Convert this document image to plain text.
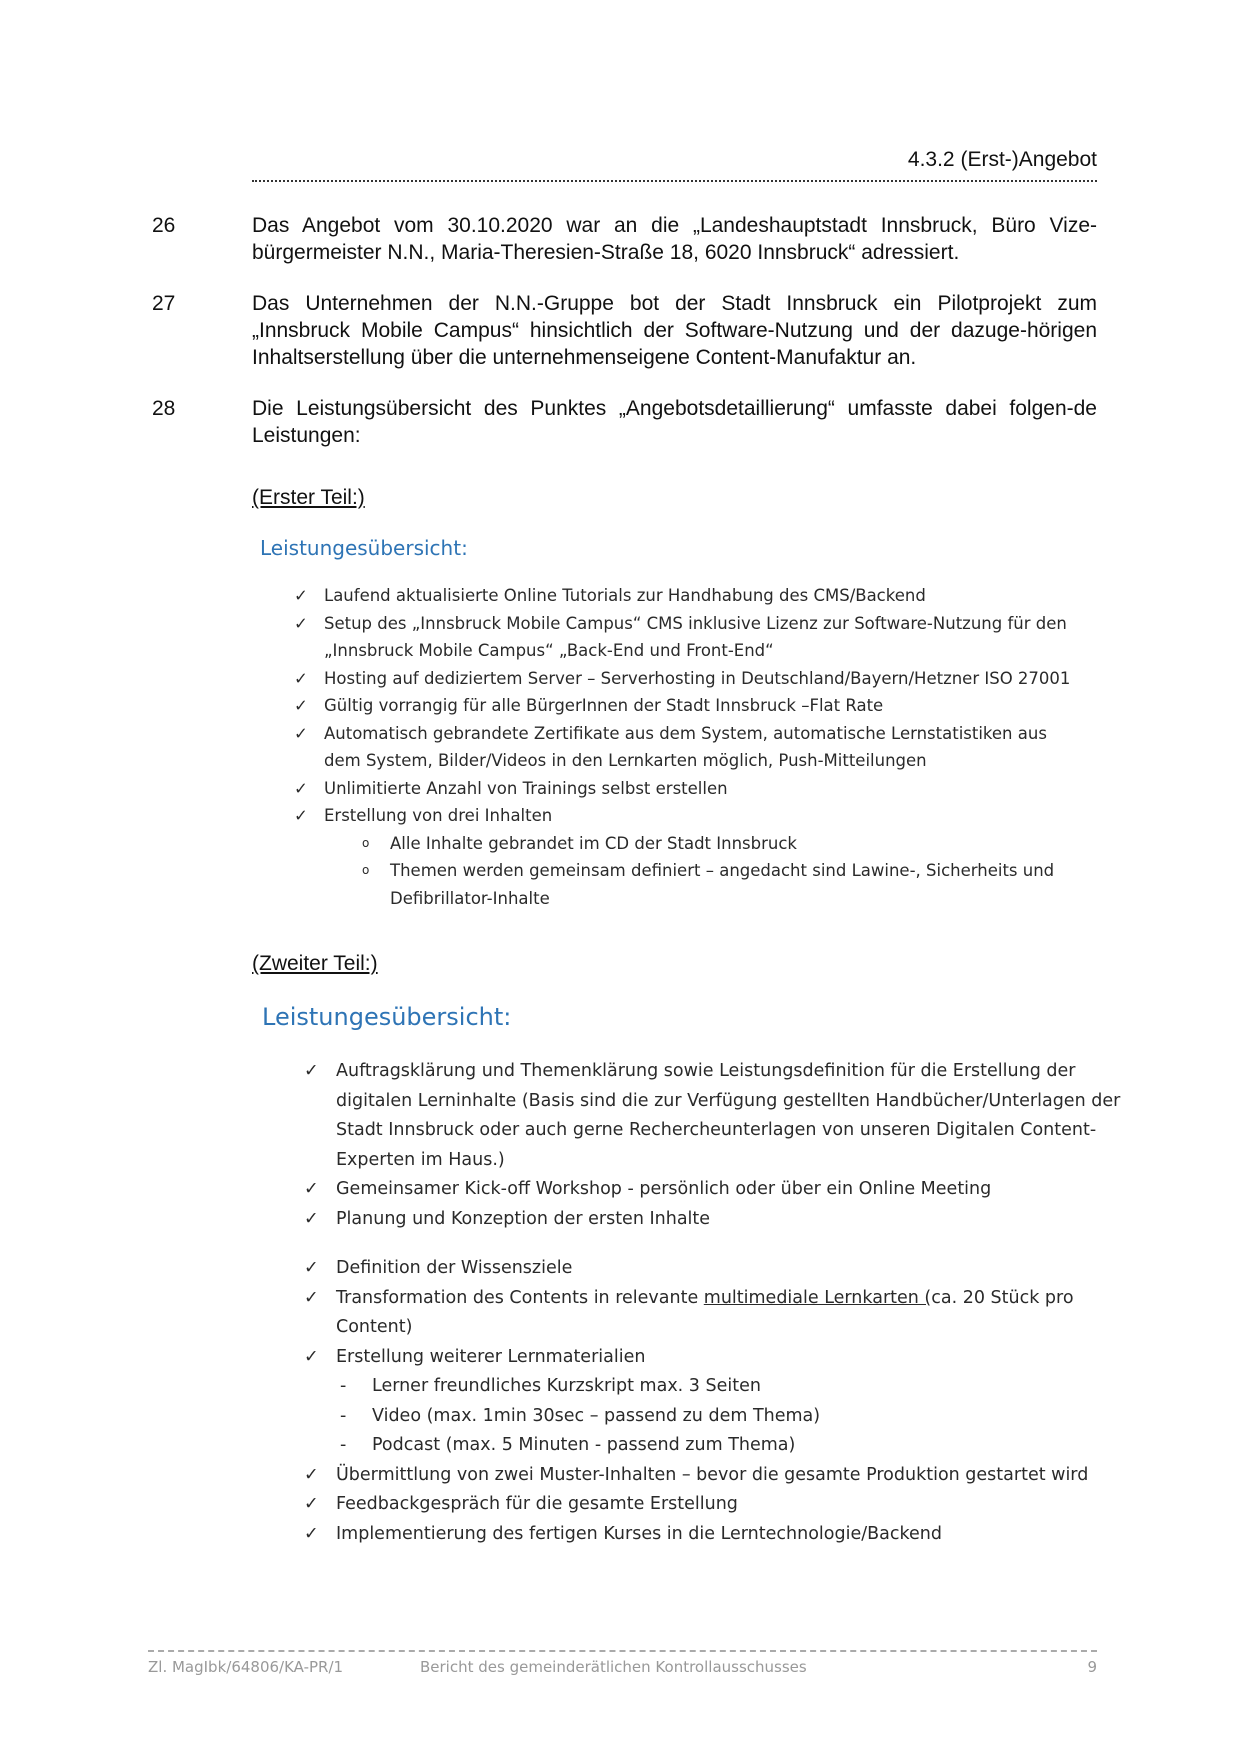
4.3.2 (Erst-)Angebot
26	Das Angebot vom 30.10.2020 war an die „Landeshauptstadt Innsbruck, Büro Vize-bürgermeister N.N., Maria-Theresien-Straße 18, 6020 Innsbruck“ adressiert.
27	Das Unternehmen der N.N.-Gruppe bot der Stadt Innsbruck ein Pilotprojekt zum „Innsbruck Mobile Campus“ hinsichtlich der Software-Nutzung und der dazuge-hörigen Inhaltserstellung über die unternehmenseigene Content-Manufaktur an.
28	Die Leistungsübersicht des Punktes „Angebotsdetaillierung“ umfasste dabei folgen-de Leistungen:
(Erster Teil:)
Leistungesübersicht:
✓ Laufend aktualisierte Online Tutorials zur Handhabung des CMS/Backend
✓ Setup des „Innsbruck Mobile Campus“ CMS inklusive Lizenz zur Software-Nutzung für den „Innsbruck Mobile Campus“ „Back-End und Front-End“
✓ Hosting auf dediziertem Server – Serverhosting in Deutschland/Bayern/Hetzner ISO 27001
✓ Gültig vorrangig für alle BürgerInnen der Stadt Innsbruck –Flat Rate
✓ Automatisch gebrandete Zertifikate aus dem System, automatische Lernstatistiken aus dem System, Bilder/Videos in den Lernkarten möglich, Push-Mitteilungen
✓ Unlimitierte Anzahl von Trainings selbst erstellen
✓ Erstellung von drei Inhalten
o Alle Inhalte gebrandet im CD der Stadt Innsbruck
o Themen werden gemeinsam definiert – angedacht sind Lawine-, Sicherheits und Defibrillator-Inhalte
(Zweiter Teil:)
Leistungesübersicht:
✓ Auftragsklärung und Themenklärung sowie Leistungsdefinition für die Erstellung der digitalen Lerninhalte (Basis sind die zur Verfügung gestellten Handbücher/Unterlagen der Stadt Innsbruck oder auch gerne Rechercheunterlagen von unseren Digitalen Content-Experten im Haus.)
✓ Gemeinsamer Kick-off Workshop - persönlich oder über ein Online Meeting
✓ Planung und Konzeption der ersten Inhalte
✓ Definition der Wissensziele
✓ Transformation des Contents in relevante multimediale Lernkarten (ca. 20 Stück pro Content)
✓ Erstellung weiterer Lernmaterialien
- Lerner freundliches Kurzskript max. 3 Seiten
- Video (max. 1min 30sec – passend zu dem Thema)
- Podcast (max. 5 Minuten - passend zum Thema)
✓ Übermittlung von zwei Muster-Inhalten – bevor die gesamte Produktion gestartet wird
✓ Feedbackgespräch für die gesamte Erstellung
✓ Implementierung des fertigen Kurses in die Lerntechnologie/Backend
Zl. MagIbk/64806/KA-PR/1	Bericht des gemeinderätlichen Kontrollausschusses	9
